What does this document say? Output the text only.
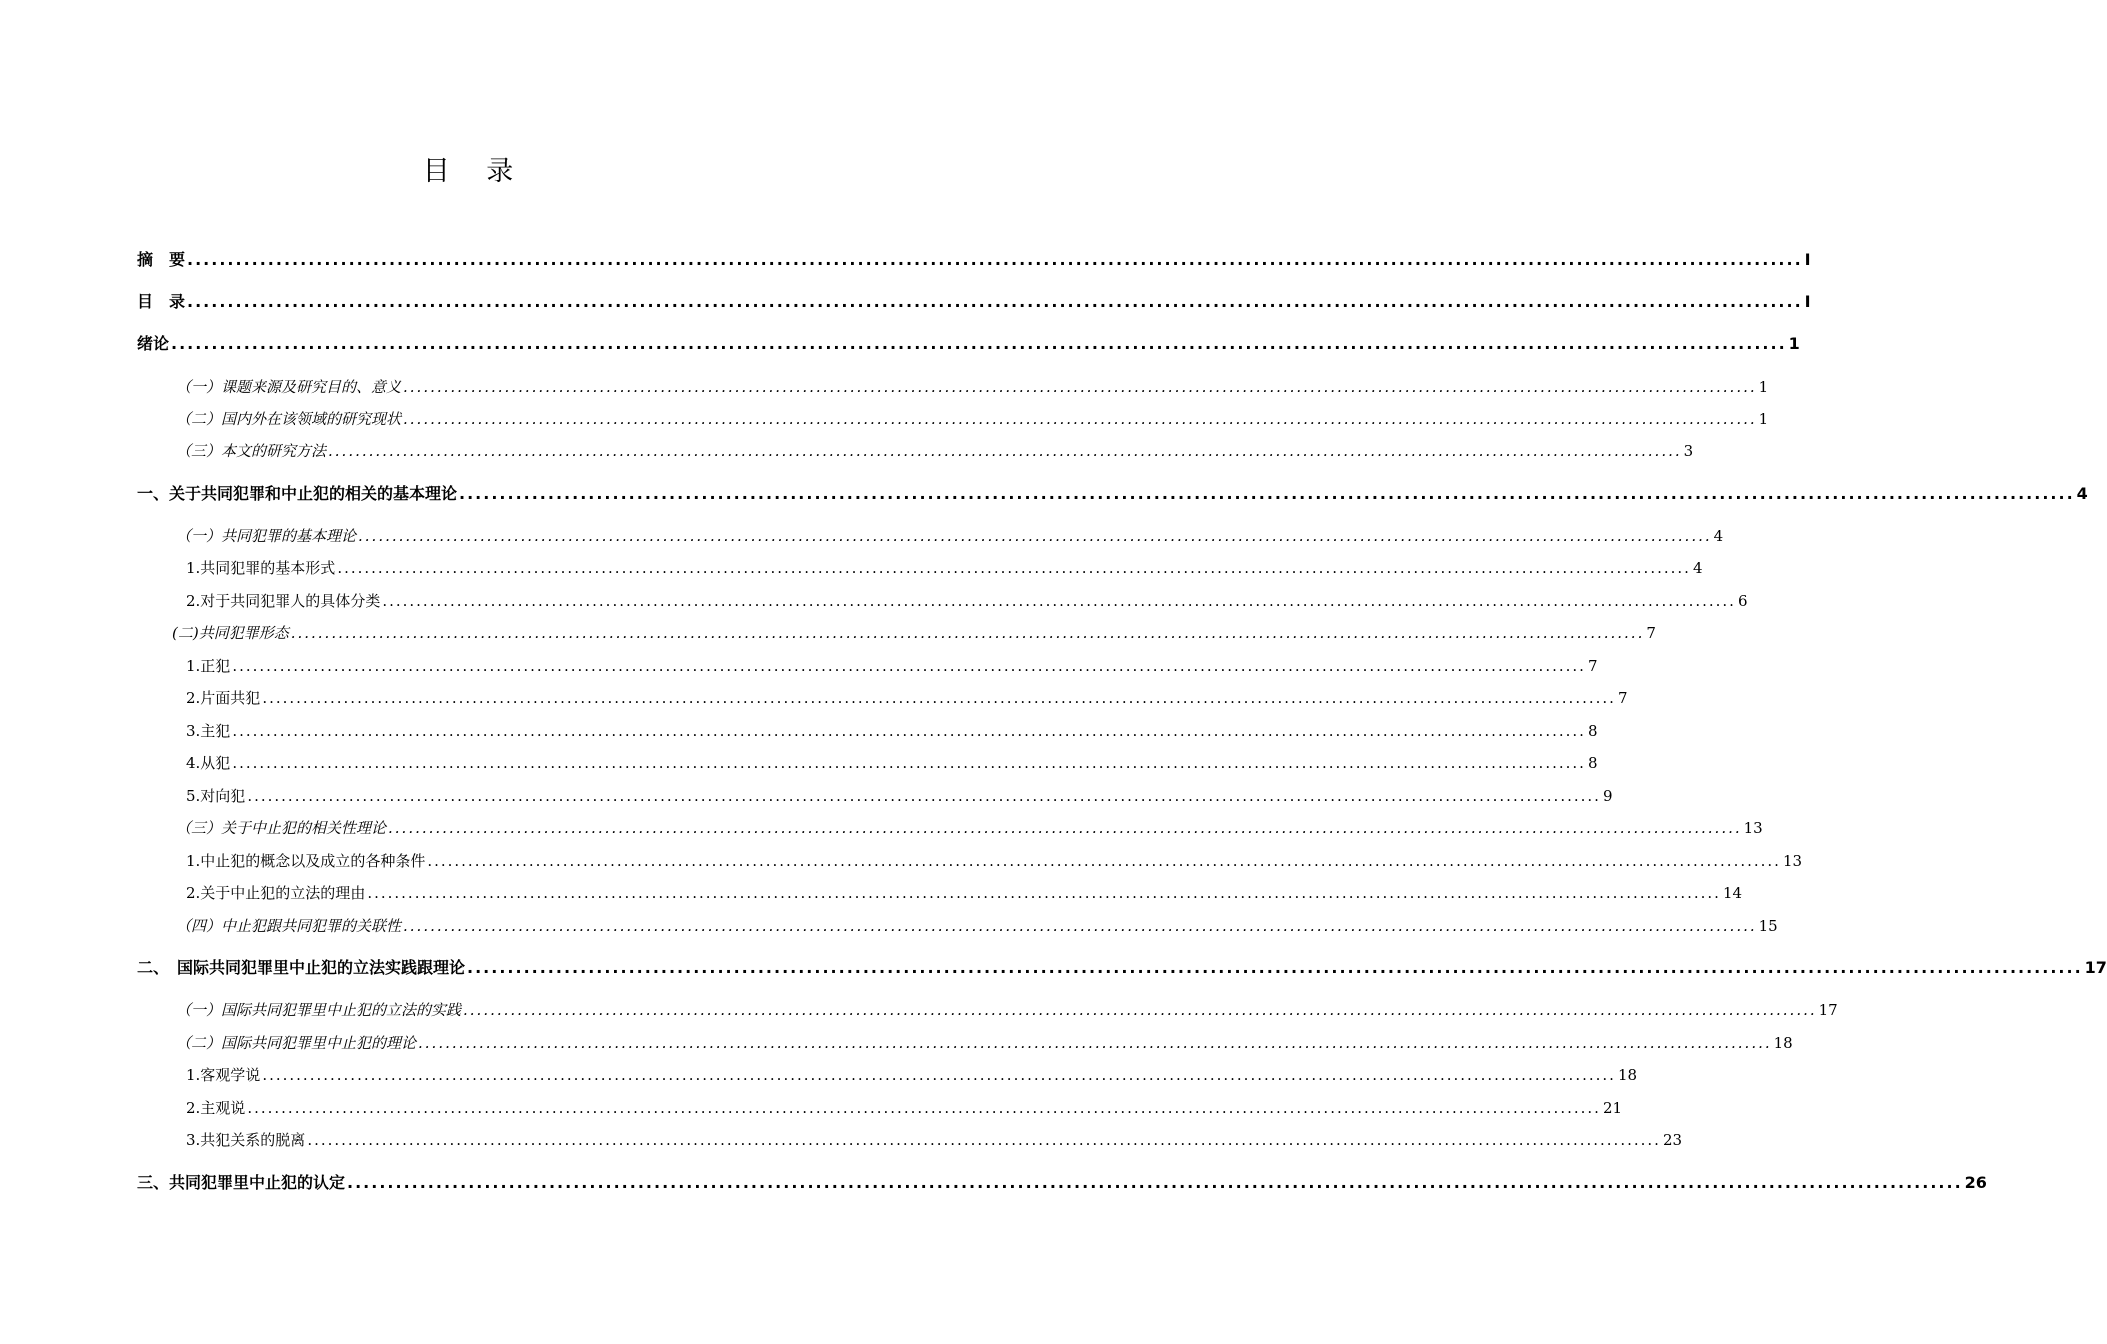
目 录
摘　要 ........................................................................................................................................................................................................ I
目　录 ........................................................................................................................................................................................................ I
绪论 ........................................................................................................................................................................................................ 1
（一）课题来源及研究目的、意义 ........................................................................................................................................................................................................ 1
（二）国内外在该领域的研究现状 ........................................................................................................................................................................................................ 1
（三）本文的研究方法 ........................................................................................................................................................................................................ 3
一、关于共同犯罪和中止犯的相关的基本理论 ........................................................................................................................................................................................................ 4
（一）共同犯罪的基本理论 ........................................................................................................................................................................................................ 4
1.共同犯罪的基本形式 ........................................................................................................................................................................................................ 4
2.对于共同犯罪人的具体分类 ........................................................................................................................................................................................................ 6
(二)共同犯罪形态 ........................................................................................................................................................................................................ 7
1.正犯 ........................................................................................................................................................................................................ 7
2.片面共犯 ........................................................................................................................................................................................................ 7
3.主犯 ........................................................................................................................................................................................................ 8
4.从犯 ........................................................................................................................................................................................................ 8
5.对向犯 ........................................................................................................................................................................................................ 9
（三）关于中止犯的相关性理论 ........................................................................................................................................................................................................ 13
1.中止犯的概念以及成立的各种条件 ........................................................................................................................................................................................................ 13
2.关于中止犯的立法的理由 ........................................................................................................................................................................................................ 14
（四）中止犯跟共同犯罪的关联性 ........................................................................................................................................................................................................ 15
二、　国际共同犯罪里中止犯的立法实践跟理论 ........................................................................................................................................................................................................ 17
（一）国际共同犯罪里中止犯的立法的实践 ........................................................................................................................................................................................................ 17
（二）国际共同犯罪里中止犯的理论 ........................................................................................................................................................................................................ 18
1.客观学说 ........................................................................................................................................................................................................ 18
2.主观说 ........................................................................................................................................................................................................ 21
3.共犯关系的脱离 ........................................................................................................................................................................................................ 23
三、共同犯罪里中止犯的认定 ........................................................................................................................................................................................................ 26
